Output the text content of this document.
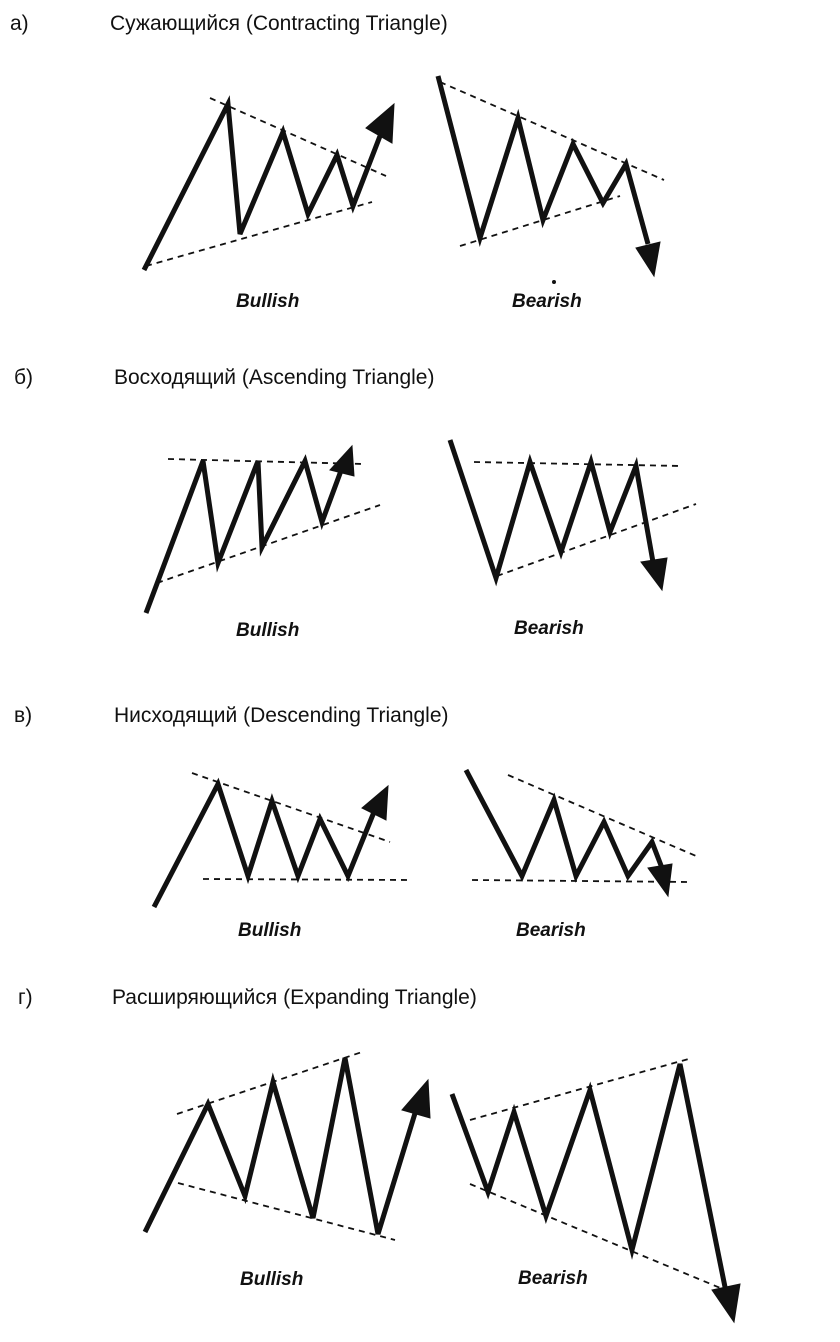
а)	Сужающийся (Contracting Triangle)
Bullish	Bearish
б)	Восходящий (Ascending Triangle)
Bullish	Bearish
в)	Нисходящий (Descending Triangle)
Bullish	Bearish
г)	Расширяющийся (Expanding Triangle)
Bullish	Bearish
